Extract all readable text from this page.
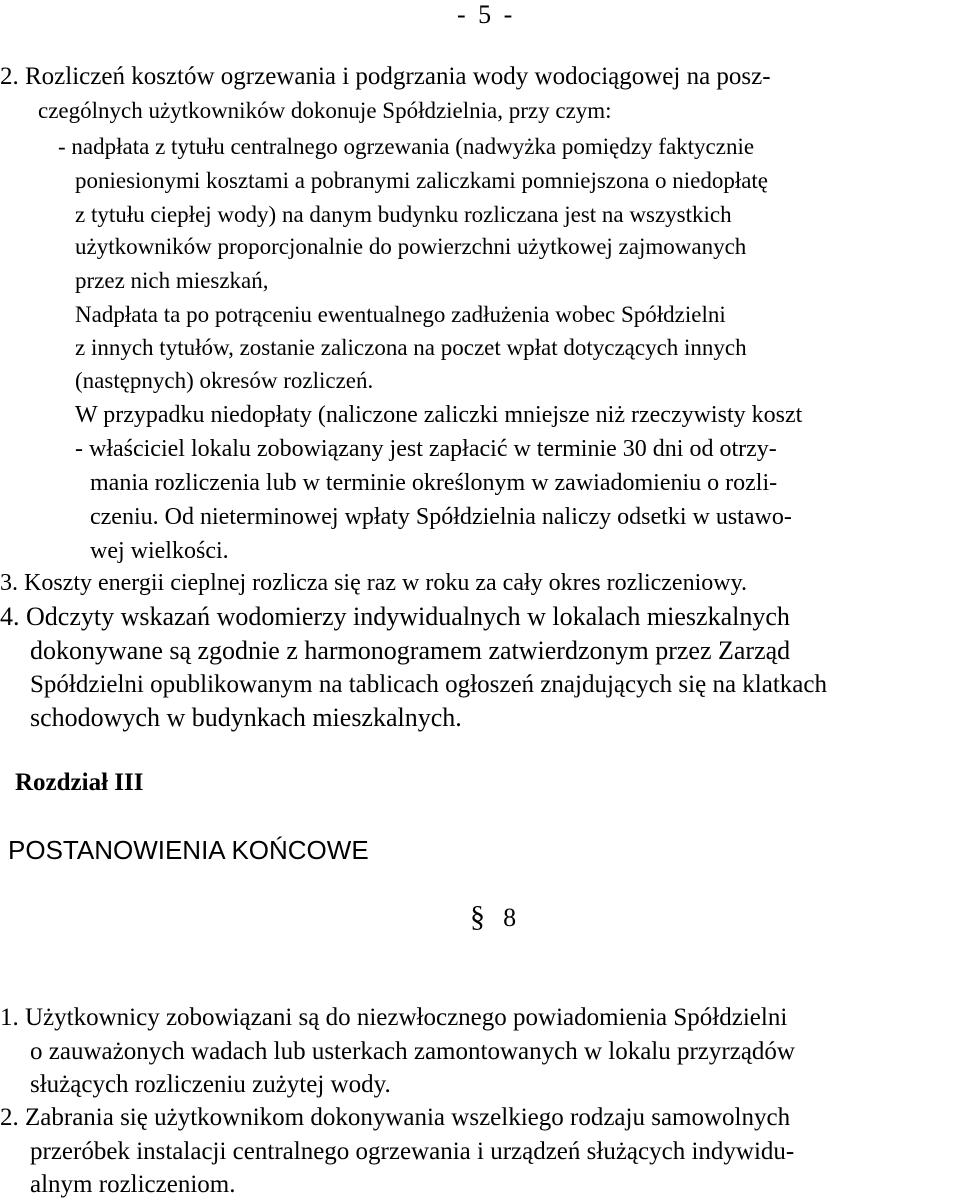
- 5 -
2. Rozliczeń kosztów ogrzewania i podgrzania wody wodociągowej na posz-
czególnych użytkowników dokonuje Spółdzielnia, przy czym:
- nadpłata z tytułu centralnego ogrzewania (nadwyżka pomiędzy faktycznie
poniesionymi kosztami a pobranymi zaliczkami pomniejszona o niedopłatę
z tytułu ciepłej wody) na danym budynku rozliczana jest na wszystkich
użytkowników proporcjonalnie do powierzchni użytkowej zajmowanych
przez nich mieszkań,
Nadpłata ta po potrąceniu ewentualnego zadłużenia wobec Spółdzielni
z innych tytułów, zostanie zaliczona na poczet wpłat dotyczących innych
(następnych) okresów rozliczeń.
W przypadku niedopłaty (naliczone zaliczki mniejsze niż rzeczywisty koszt
- właściciel lokalu zobowiązany jest zapłacić w terminie 30 dni od otrzy-
mania rozliczenia lub w terminie określonym w zawiadomieniu o rozli-
czeniu. Od nieterminowej wpłaty Spółdzielnia naliczy odsetki w ustawo-
wej wielkości.
3. Koszty energii cieplnej rozlicza się raz w roku za cały okres rozliczeniowy.
4. Odczyty wskazań wodomierzy indywidualnych w lokalach mieszkalnych
dokonywane są zgodnie z harmonogramem zatwierdzonym przez Zarząd
Spółdzielni opublikowanym na tablicach ogłoszeń znajdujących się na klatkach
schodowych w budynkach mieszkalnych.
Rozdział III
POSTANOWIENIA KOŃCOWE
§ 8
1. Użytkownicy zobowiązani są do niezwłocznego powiadomienia Spółdzielni
o zauważonych wadach lub usterkach zamontowanych w lokalu przyrządów
służących rozliczeniu zużytej wody.
2. Zabrania się użytkownikom dokonywania wszelkiego rodzaju samowolnych
przeróbek instalacji centralnego ogrzewania i urządzeń służących indywidu-
alnym rozliczeniom.
